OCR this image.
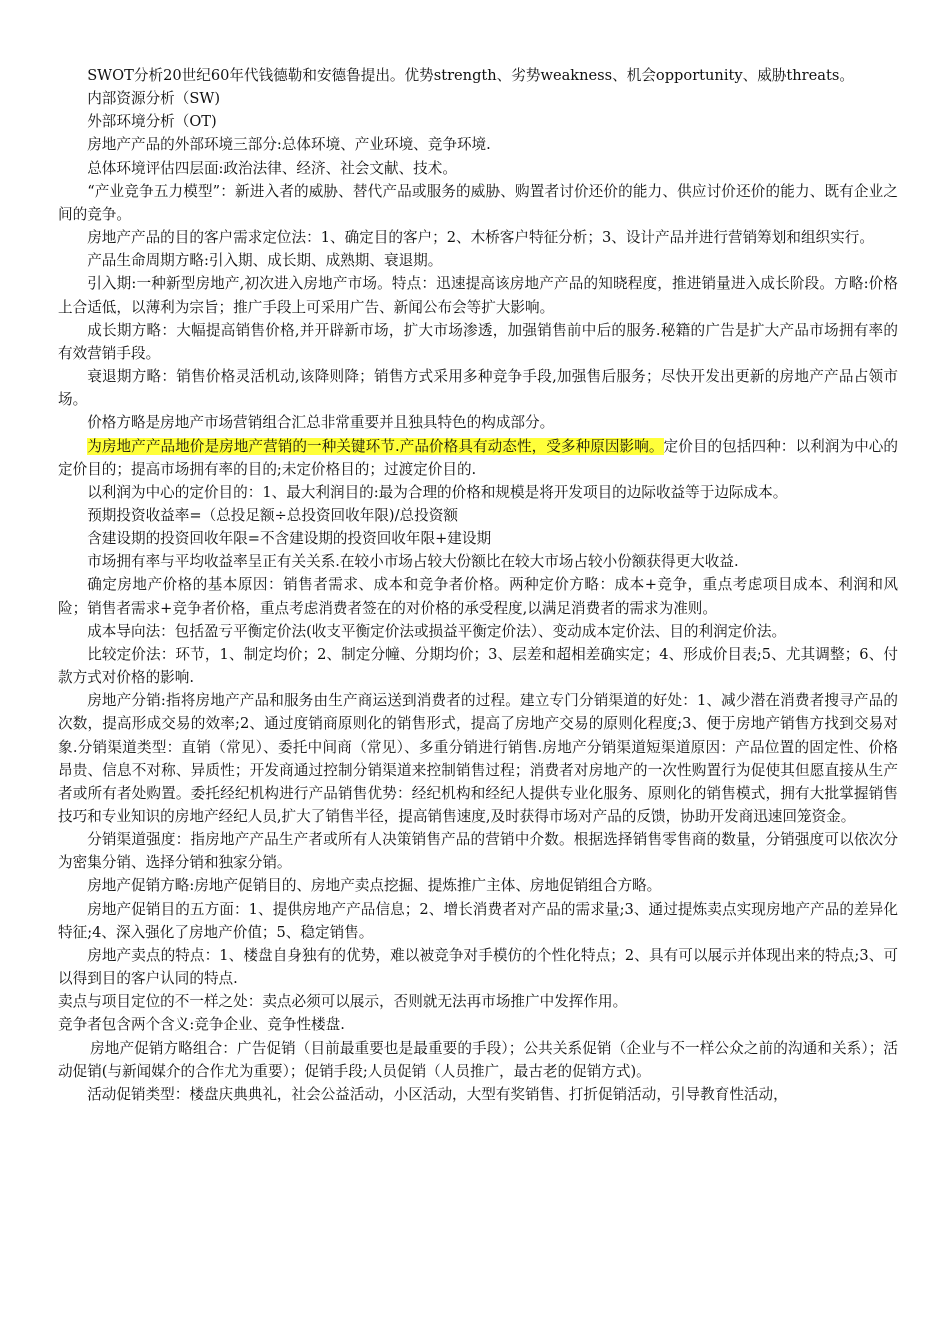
SWOT分析20世纪60年代钱德勒和安德鲁提出。优势strength、劣势weakness、机会opportunity、威胁threats。

内部资源分析（SW)

外部环境分析（OT)

房地产产品的外部环境三部分:总体环境、产业环境、竞争环境.

总体环境评估四层面:政治法律、经济、社会文献、技术。

“产业竞争五力模型”：新进入者的威胁、替代产品或服务的威胁、购置者讨价还价的能力、供应讨价还价的能力、既有企业之间的竞争。

房地产产品的目的客户需求定位法：1、确定目的客户；2、木桥客户特征分析；3、设计产品并进行营销筹划和组织实行。

产品生命周期方略:引入期、成长期、成熟期、衰退期。

引入期:一种新型房地产,初次进入房地产市场。特点：迅速提高该房地产产品的知晓程度，推进销量进入成长阶段。方略:价格上合适低，以薄利为宗旨；推广手段上可采用广告、新闻公布会等扩大影响。

成长期方略：大幅提高销售价格,并开辟新市场，扩大市场渗透，加强销售前中后的服务.秘籍的广告是扩大产品市场拥有率的有效营销手段。

衰退期方略：销售价格灵活机动,该降则降；销售方式采用多种竞争手段,加强售后服务；尽快开发出更新的房地产产品占领市场。

价格方略是房地产市场营销组合汇总非常重要并且独具特色的构成部分。

为房地产产品地价是房地产营销的一种关键环节.产品价格具有动态性，受多种原因影响。定价目的包括四种：以利润为中心的定价目的；提高市场拥有率的目的;未定价格目的；过渡定价目的.

以利润为中心的定价目的：1、最大利润目的:最为合理的价格和规模是将开发项目的边际收益等于边际成本。

预期投资收益率=（总投足额÷总投资回收年限)/总投资额

含建设期的投资回收年限=不含建设期的投资回收年限+建设期

市场拥有率与平均收益率呈正有关关系.在较小市场占较大份额比在较大市场占较小份额获得更大收益.

确定房地产价格的基本原因：销售者需求、成本和竞争者价格。两种定价方略：成本+竞争，重点考虑项目成本、利润和风险；销售者需求+竞争者价格，重点考虑消费者签在的对价格的承受程度,以满足消费者的需求为准则。

成本导向法：包括盈亏平衡定价法(收支平衡定价法或损益平衡定价法）、变动成本定价法、目的利润定价法。

比较定价法：环节，1、制定均价；2、制定分幢、分期均价；3、层差和超相差确实定；4、形成价目表;5、尤其调整；6、付款方式对价格的影响.

房地产分销:指将房地产产品和服务由生产商运送到消费者的过程。建立专门分销渠道的好处：1、减少潜在消费者搜寻产品的次数，提高形成交易的效率;2、通过度销商原则化的销售形式，提高了房地产交易的原则化程度;3、便于房地产销售方找到交易对象.分销渠道类型：直销（常见）、委托中间商（常见）、多重分销进行销售.房地产分销渠道短渠道原因：产品位置的固定性、价格昂贵、信息不对称、异质性；开发商通过控制分销渠道来控制销售过程；消费者对房地产的一次性购置行为促使其但愿直接从生产者或所有者处购置。委托经纪机构进行产品销售优势：经纪机构和经纪人提供专业化服务、原则化的销售模式，拥有大批掌握销售技巧和专业知识的房地产经纪人员,扩大了销售半径，提高销售速度,及时获得市场对产品的反馈，协助开发商迅速回笼资金。

分销渠道强度：指房地产产品生产者或所有人决策销售产品的营销中介数。根据选择销售零售商的数量，分销强度可以依次分为密集分销、选择分销和独家分销。

房地产促销方略:房地产促销目的、房地产卖点挖掘、提炼推广主体、房地促销组合方略。

房地产促销目的五方面：1、提供房地产产品信息；2、增长消费者对产品的需求量;3、通过提炼卖点实现房地产产品的差异化特征;4、深入强化了房地产价值；5、稳定销售。

房地产卖点的特点：1、楼盘自身独有的优势，难以被竞争对手模仿的个性化特点；2、具有可以展示并体现出来的特点;3、可以得到目的客户认同的特点.

卖点与项目定位的不一样之处：卖点必须可以展示，否则就无法再市场推广中发挥作用。

竞争者包含两个含义:竞争企业、竞争性楼盘.

房地产促销方略组合：广告促销（目前最重要也是最重要的手段）；公共关系促销（企业与不一样公众之前的沟通和关系）；活动促销(与新闻媒介的合作尤为重要）；促销手段;人员促销（人员推广，最古老的促销方式)。

活动促销类型：楼盘庆典典礼，社会公益活动，小区活动，大型有奖销售、打折促销活动，引导教育性活动，
